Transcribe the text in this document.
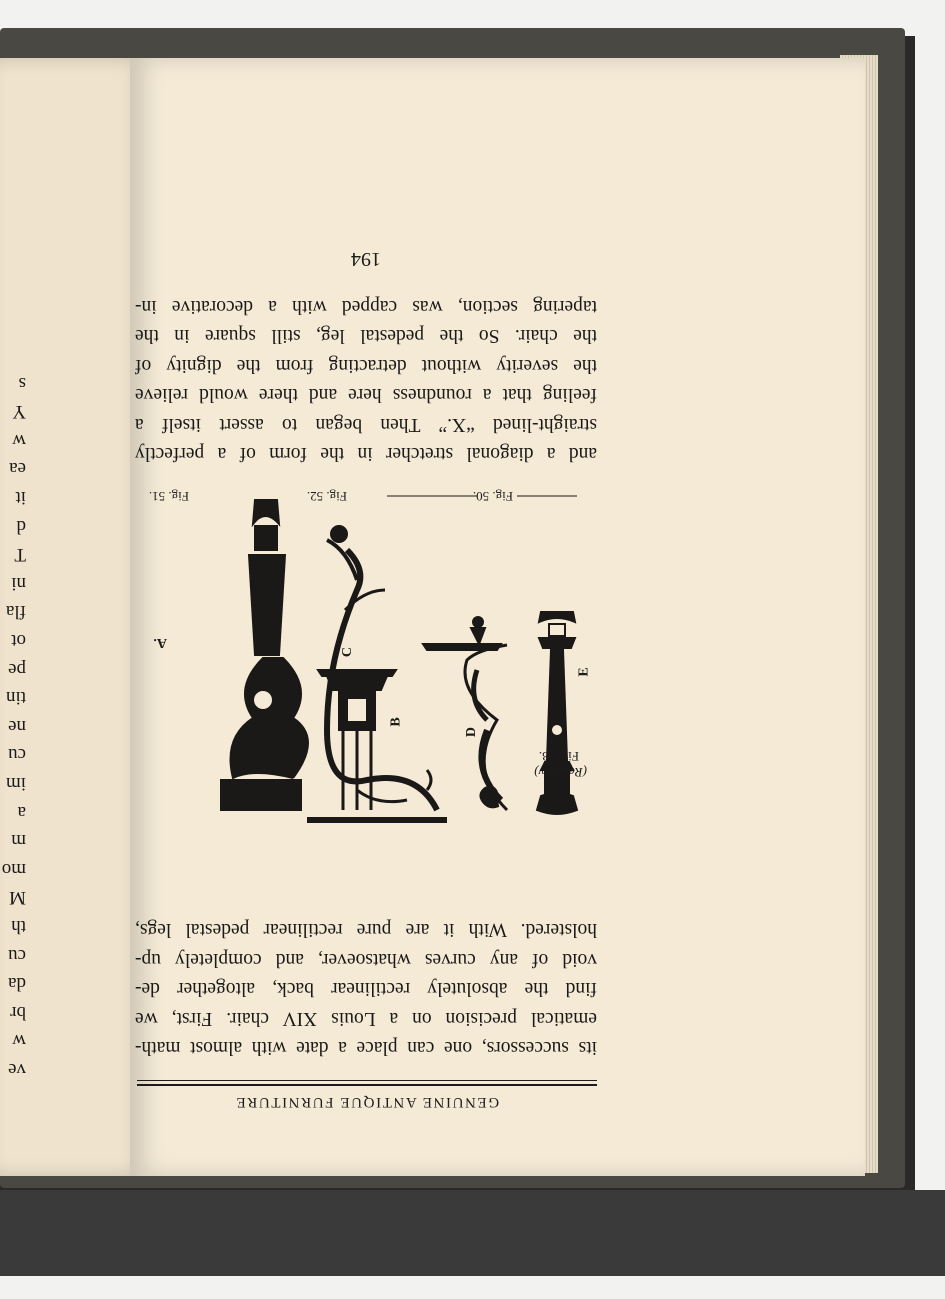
ve
w
br
da
cu
th
M
mo
m
a
im
cu
ne
tin
pe
ot
fla
ni
T
d
it
ea
w
Y
s
GENUINE ANTIQUE FURNITURE
its successors, one can place a date with almost math-
ematical precision on a Louis XIV chair. First, we
find the absolutely rectilinear back, altogether de-
void of any curves whatsoever, and completely up-
holstered. With it are pure rectilinear pedestal legs,
E
D
C
B
A.
Fig. 53.
(Regency)
Fig. 50.
Fig. 52.
Fig. 51.
and a diagonal stretcher in the form of a perfectly
straight-lined “X.” Then began to assert itself a
feeling that a roundness here and there would relieve
the severity without detracting from the dignity of
the chair. So the pedestal leg, still square in the
tapering section, was capped with a decorative in-
194
